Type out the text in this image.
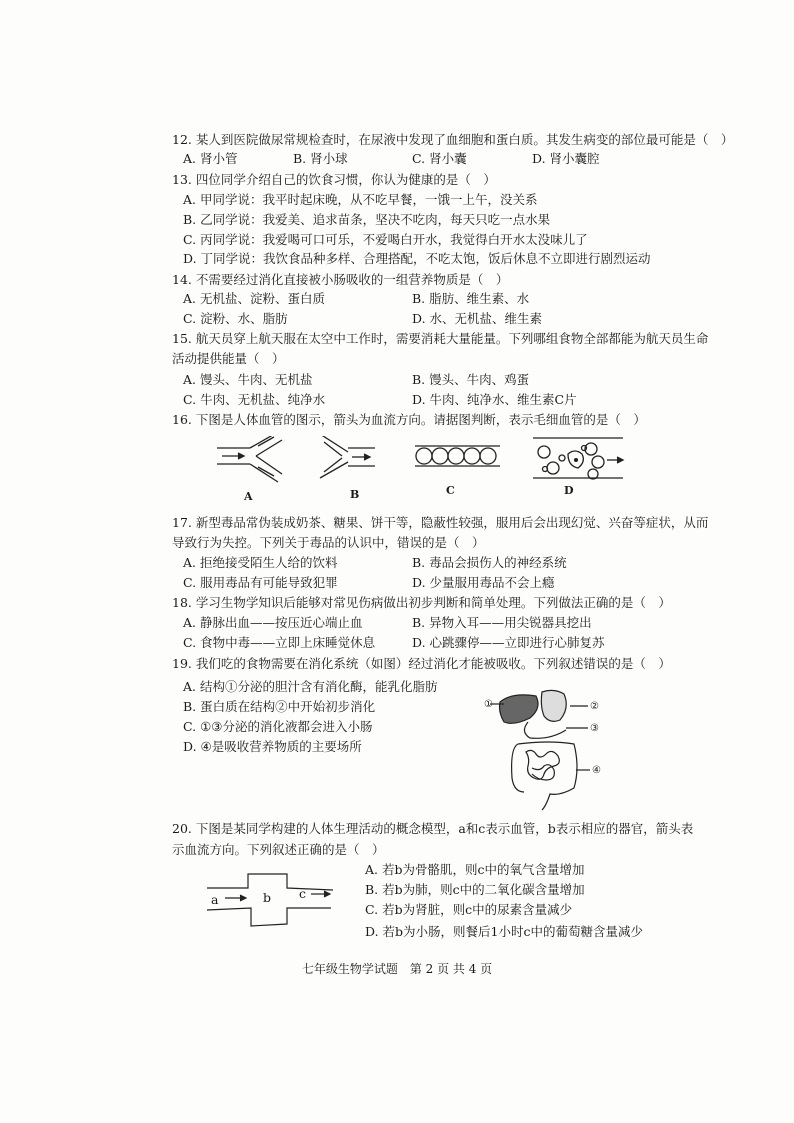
12. 某人到医院做尿常规检查时，在尿液中发现了血细胞和蛋白质。其发生病变的部位最可能是（　）
A. 肾小管	B. 肾小球	C. 肾小囊	D. 肾小囊腔
13. 四位同学介绍自己的饮食习惯，你认为健康的是（　）
A. 甲同学说：我平时起床晚，从不吃早餐，一饿一上午，没关系
B. 乙同学说：我爱美、追求苗条，坚决不吃肉，每天只吃一点水果
C. 丙同学说：我爱喝可口可乐，不爱喝白开水，我觉得白开水太没味儿了
D. 丁同学说：我饮食品种多样、合理搭配，不吃太饱，饭后休息不立即进行剧烈运动
14. 不需要经过消化直接被小肠吸收的一组营养物质是（　）
A. 无机盐、淀粉、蛋白质	B. 脂肪、维生素、水
C. 淀粉、水、脂肪	D. 水、无机盐、维生素
15. 航天员穿上航天服在太空中工作时，需要消耗大量能量。下列哪组食物全部都能为航天员生命
活动提供能量（　）
A. 馒头、牛肉、无机盐	B. 馒头、牛肉、鸡蛋
C. 牛肉、无机盐、纯净水	D. 牛肉、纯净水、维生素C片
16. 下图是人体血管的图示，箭头为血流方向。请据图判断，表示毛细血管的是（　）
A	B	C	D
17. 新型毒品常伪装成奶茶、糖果、饼干等，隐蔽性较强，服用后会出现幻觉、兴奋等症状，从而
导致行为失控。下列关于毒品的认识中，错误的是（　）
A. 拒绝接受陌生人给的饮料	B. 毒品会损伤人的神经系统
C. 服用毒品有可能导致犯罪	D. 少量服用毒品不会上瘾
18. 学习生物学知识后能够对常见伤病做出初步判断和简单处理。下列做法正确的是（　）
A. 静脉出血——按压近心端止血	B. 异物入耳——用尖锐器具挖出
C. 食物中毒——立即上床睡觉休息	D. 心跳骤停——立即进行心肺复苏
19. 我们吃的食物需要在消化系统（如图）经过消化才能被吸收。下列叙述错误的是（　）
A. 结构①分泌的胆汁含有消化酶，能乳化脂肪
B. 蛋白质在结构②中开始初步消化
C. ①③分泌的消化液都会进入小肠
D. ④是吸收营养物质的主要场所
①	②
③
④
20. 下图是某同学构建的人体生理活动的概念模型，a和c表示血管，b表示相应的器官，箭头表
示血流方向。下列叙述正确的是（　）
A. 若b为骨骼肌，则c中的氧气含量增加
B. 若b为肺，则c中的二氧化碳含量增加
C. 若b为肾脏，则c中的尿素含量减少
D. 若b为小肠，则餐后1小时c中的葡萄糖含量减少
a	b c
七年级生物学试题　第 2 页 共 4 页
